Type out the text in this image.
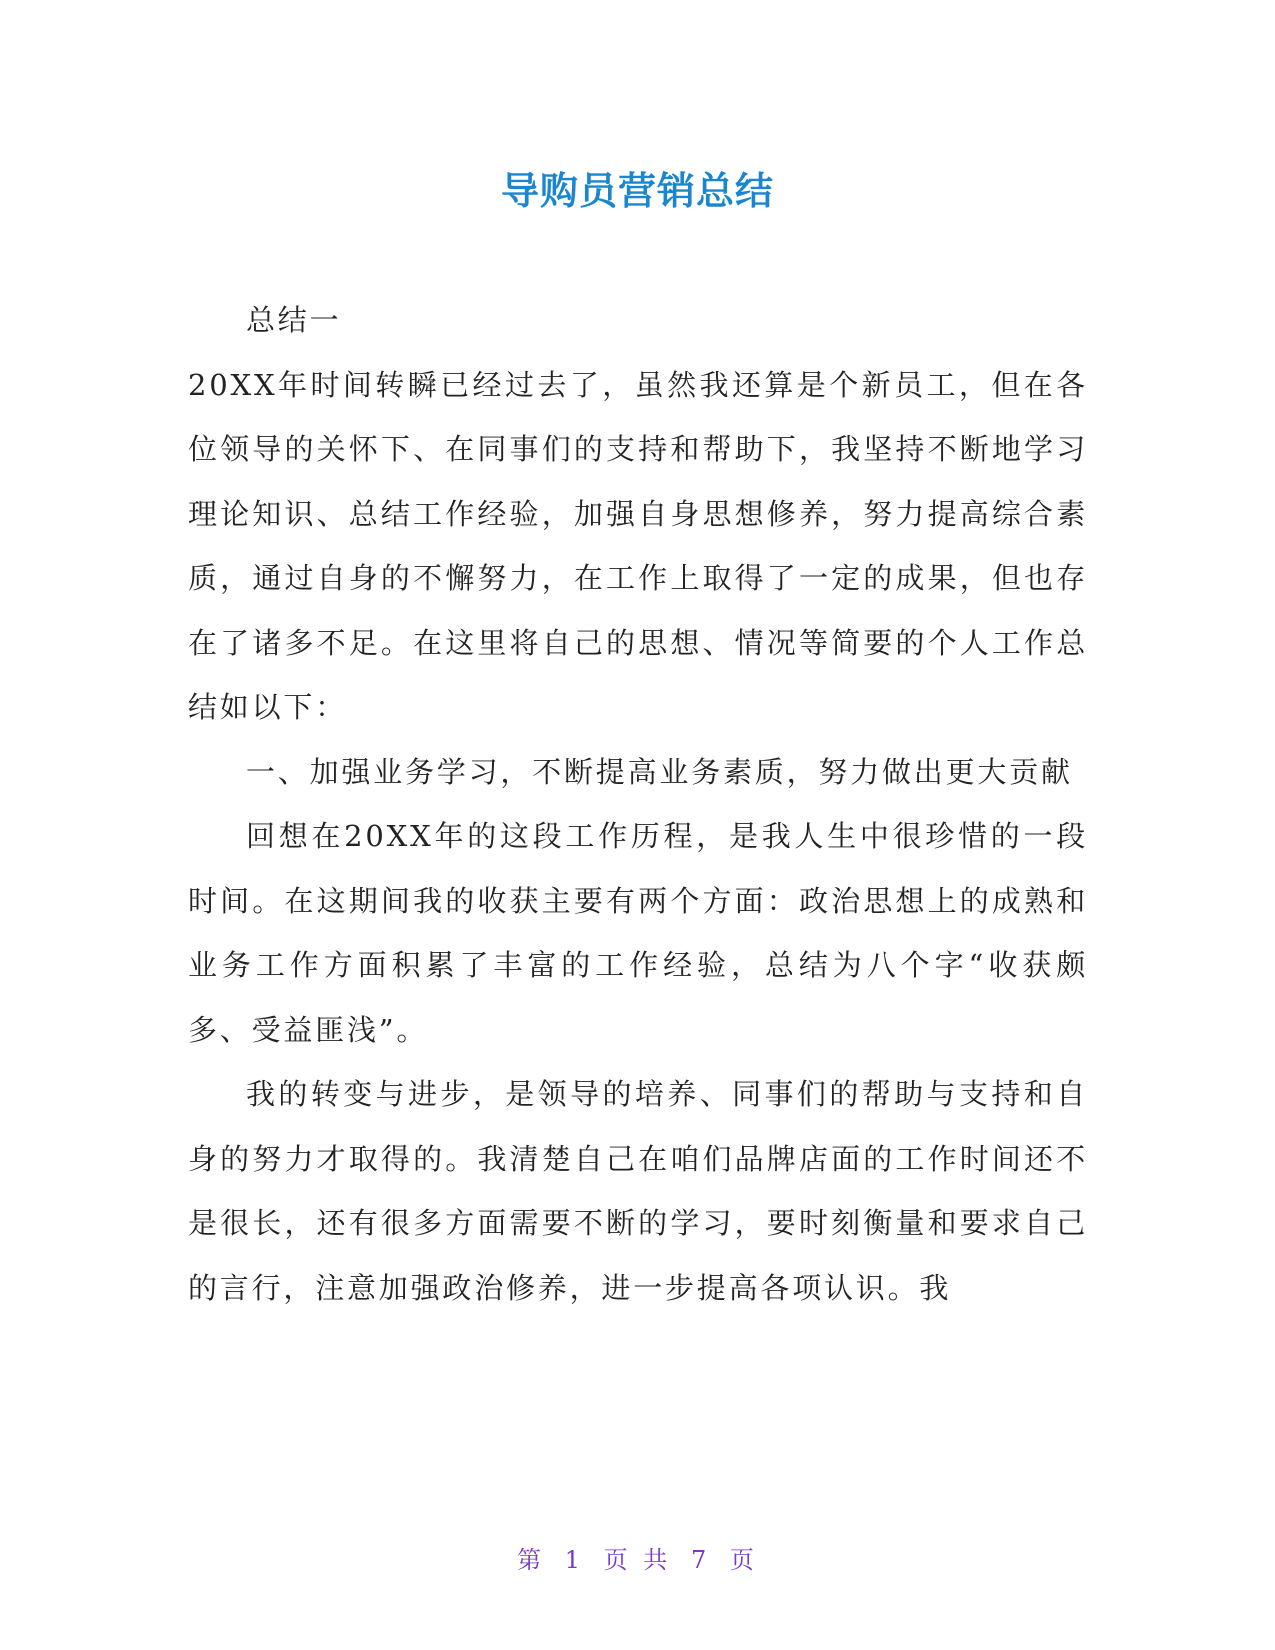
导购员营销总结

总结一

20XX年时间转瞬已经过去了，虽然我还算是个新员工，但在各位领导的关怀下、在同事们的支持和帮助下，我坚持不断地学习理论知识、总结工作经验，加强自身思想修养，努力提高综合素质，通过自身的不懈努力，在工作上取得了一定的成果，但也存在了诸多不足。在这里将自己的思想、情况等简要的个人工作总结如以下：

一、加强业务学习，不断提高业务素质，努力做出更大贡献

回想在20XX年的这段工作历程，是我人生中很珍惜的一段时间。在这期间我的收获主要有两个方面：政治思想上的成熟和业务工作方面积累了丰富的工作经验，总结为八个字“收获颇多、受益匪浅”。

我的转变与进步，是领导的培养、同事们的帮助与支持和自身的努力才取得的。我清楚自己在咱们品牌店面的工作时间还不是很长，还有很多方面需要不断的学习，要时刻衡量和要求自己的言行，注意加强政治修养，进一步提高各项认识。我

第 1 页 共 7 页
